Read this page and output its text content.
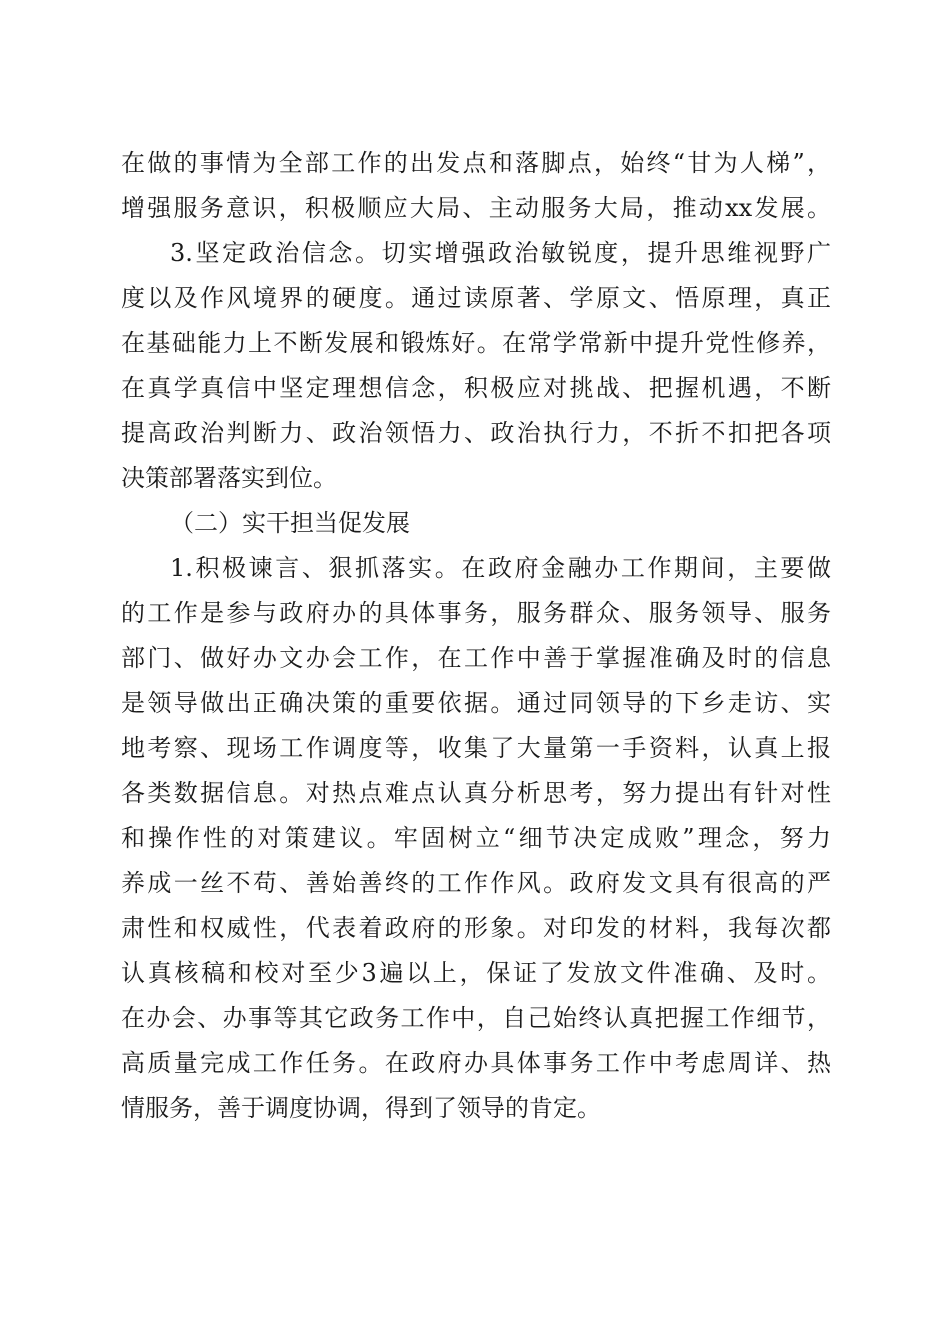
在做的事情为全部工作的出发点和落脚点，始终“甘为人梯”，
增强服务意识，积极顺应大局、主动服务大局，推动xx发展。
3.坚定政治信念。切实增强政治敏锐度，提升思维视野广
度以及作风境界的硬度。通过读原著、学原文、悟原理，真正
在基础能力上不断发展和锻炼好。在常学常新中提升党性修养，
在真学真信中坚定理想信念，积极应对挑战、把握机遇，不断
提高政治判断力、政治领悟力、政治执行力，不折不扣把各项
决策部署落实到位。
（二）实干担当促发展
1.积极谏言、狠抓落实。在政府金融办工作期间，主要做
的工作是参与政府办的具体事务，服务群众、服务领导、服务
部门、做好办文办会工作，在工作中善于掌握准确及时的信息
是领导做出正确决策的重要依据。通过同领导的下乡走访、实
地考察、现场工作调度等，收集了大量第一手资料，认真上报
各类数据信息。对热点难点认真分析思考，努力提出有针对性
和操作性的对策建议。牢固树立“细节决定成败”理念，努力
养成一丝不苟、善始善终的工作作风。政府发文具有很高的严
肃性和权威性，代表着政府的形象。对印发的材料，我每次都
认真核稿和校对至少3遍以上，保证了发放文件准确、及时。
在办会、办事等其它政务工作中，自己始终认真把握工作细节，
高质量完成工作任务。在政府办具体事务工作中考虑周详、热
情服务，善于调度协调，得到了领导的肯定。
